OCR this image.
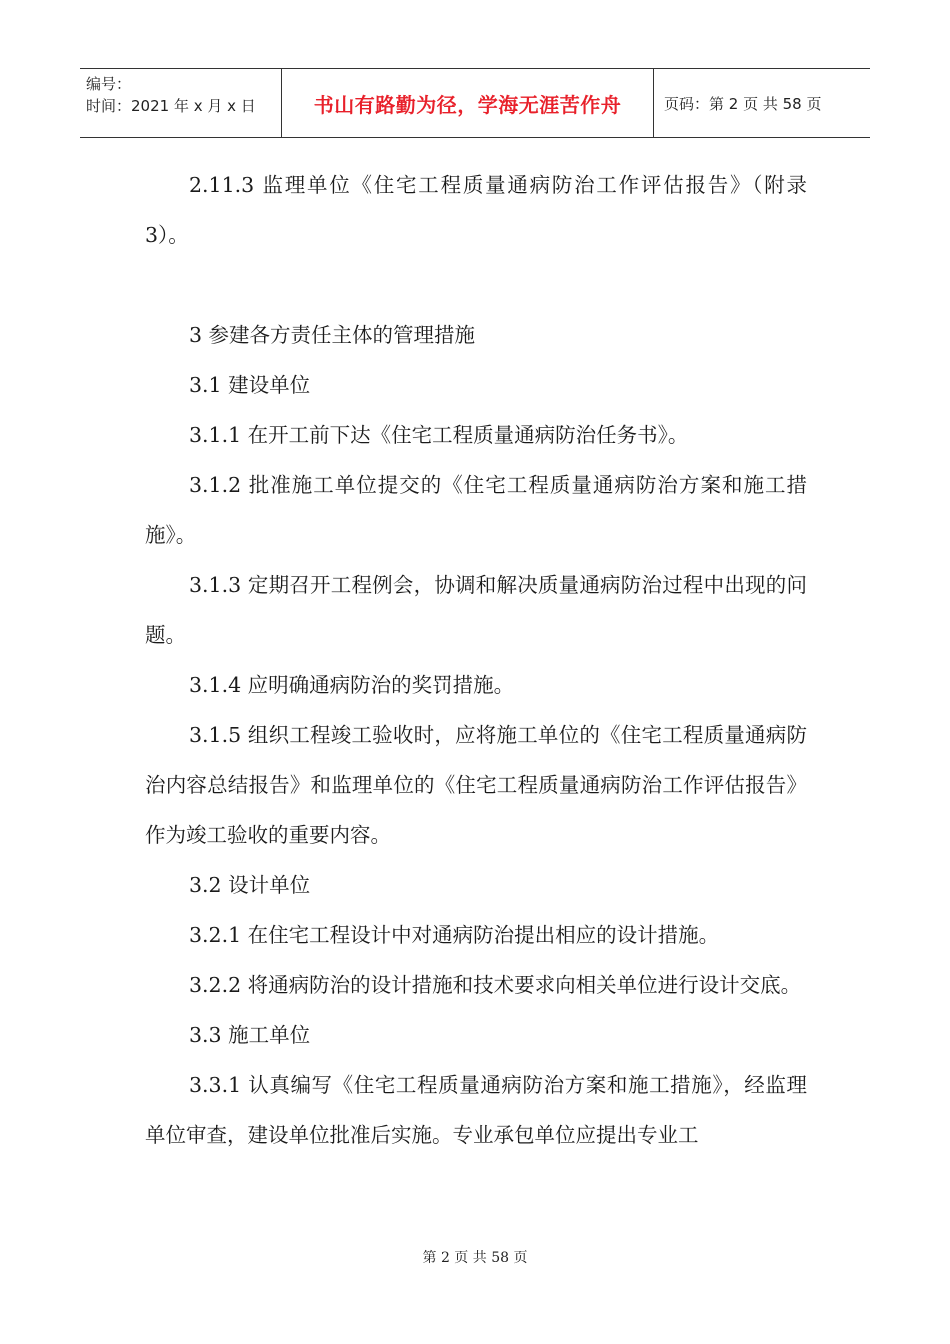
编号：
时间：2021 年 x 月 x 日	书山有路勤为径，学海无涯苦作舟	页码：第 2 页 共 58 页

2.11.3 监理单位《住宅工程质量通病防治工作评估报告》（附录 3）。

3 参建各方责任主体的管理措施

3.1 建设单位

3.1.1 在开工前下达《住宅工程质量通病防治任务书》。

3.1.2 批准施工单位提交的《住宅工程质量通病防治方案和施工措施》。

3.1.3 定期召开工程例会，协调和解决质量通病防治过程中出现的问题。

3.1.4 应明确通病防治的奖罚措施。

3.1.5 组织工程竣工验收时，应将施工单位的《住宅工程质量通病防治内容总结报告》和监理单位的《住宅工程质量通病防治工作评估报告》作为竣工验收的重要内容。

3.2 设计单位

3.2.1 在住宅工程设计中对通病防治提出相应的设计措施。

3.2.2 将通病防治的设计措施和技术要求向相关单位进行设计交底。

3.3 施工单位

3.3.1 认真编写《住宅工程质量通病防治方案和施工措施》，经监理单位审查，建设单位批准后实施。专业承包单位应提出专业工

第 2 页 共 58 页
